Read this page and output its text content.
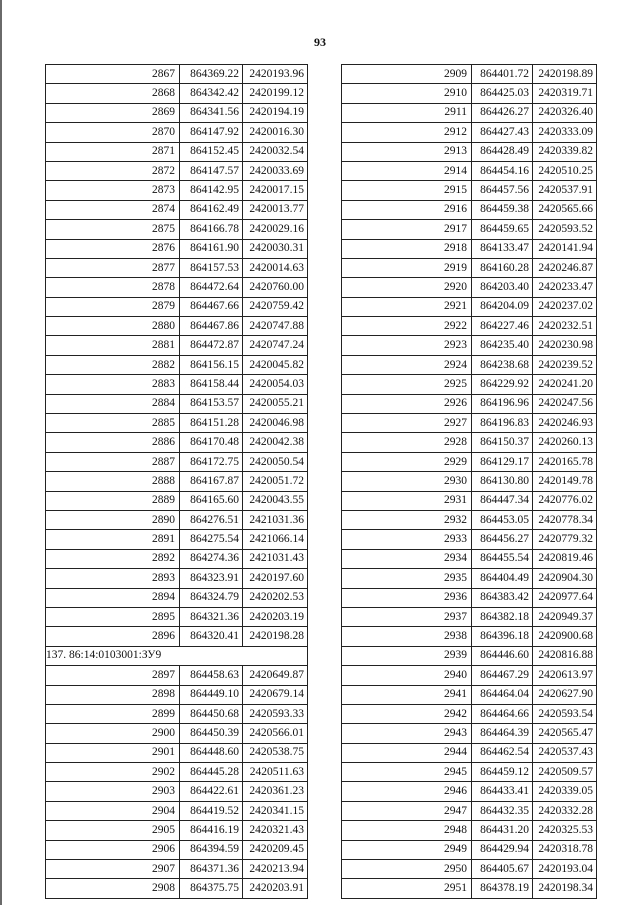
93
2867	864369.22	2420193.96
2868	864342.42	2420199.12
2869	864341.56	2420194.19
2870	864147.92	2420016.30
2871	864152.45	2420032.54
2872	864147.57	2420033.69
2873	864142.95	2420017.15
2874	864162.49	2420013.77
2875	864166.78	2420029.16
2876	864161.90	2420030.31
2877	864157.53	2420014.63
2878	864472.64	2420760.00
2879	864467.66	2420759.42
2880	864467.86	2420747.88
2881	864472.87	2420747.24
2882	864156.15	2420045.82
2883	864158.44	2420054.03
2884	864153.57	2420055.21
2885	864151.28	2420046.98
2886	864170.48	2420042.38
2887	864172.75	2420050.54
2888	864167.87	2420051.72
2889	864165.60	2420043.55
2890	864276.51	2421031.36
2891	864275.54	2421066.14
2892	864274.36	2421031.43
2893	864323.91	2420197.60
2894	864324.79	2420202.53
2895	864321.36	2420203.19
2896	864320.41	2420198.28
137. 86:14:0103001:ЗУ9		
2897	864458.63	2420649.87
2898	864449.10	2420679.14
2899	864450.68	2420593.33
2900	864450.39	2420566.01
2901	864448.60	2420538.75
2902	864445.28	2420511.63
2903	864422.61	2420361.23
2904	864419.52	2420341.15
2905	864416.19	2420321.43
2906	864394.59	2420209.45
2907	864371.36	2420213.94
2908	864375.75	2420203.91
2909	864401.72	2420198.89
2910	864425.03	2420319.71
2911	864426.27	2420326.40
2912	864427.43	2420333.09
2913	864428.49	2420339.82
2914	864454.16	2420510.25
2915	864457.56	2420537.91
2916	864459.38	2420565.66
2917	864459.65	2420593.52
2918	864133.47	2420141.94
2919	864160.28	2420246.87
2920	864203.40	2420233.47
2921	864204.09	2420237.02
2922	864227.46	2420232.51
2923	864235.40	2420230.98
2924	864238.68	2420239.52
2925	864229.92	2420241.20
2926	864196.96	2420247.56
2927	864196.83	2420246.93
2928	864150.37	2420260.13
2929	864129.17	2420165.78
2930	864130.80	2420149.78
2931	864447.34	2420776.02
2932	864453.05	2420778.34
2933	864456.27	2420779.32
2934	864455.54	2420819.46
2935	864404.49	2420904.30
2936	864383.42	2420977.64
2937	864382.18	2420949.37
2938	864396.18	2420900.68
2939	864446.60	2420816.88
2940	864467.29	2420613.97
2941	864464.04	2420627.90
2942	864464.66	2420593.54
2943	864464.39	2420565.47
2944	864462.54	2420537.43
2945	864459.12	2420509.57
2946	864433.41	2420339.05
2947	864432.35	2420332.28
2948	864431.20	2420325.53
2949	864429.94	2420318.78
2950	864405.67	2420193.04
2951	864378.19	2420198.34
